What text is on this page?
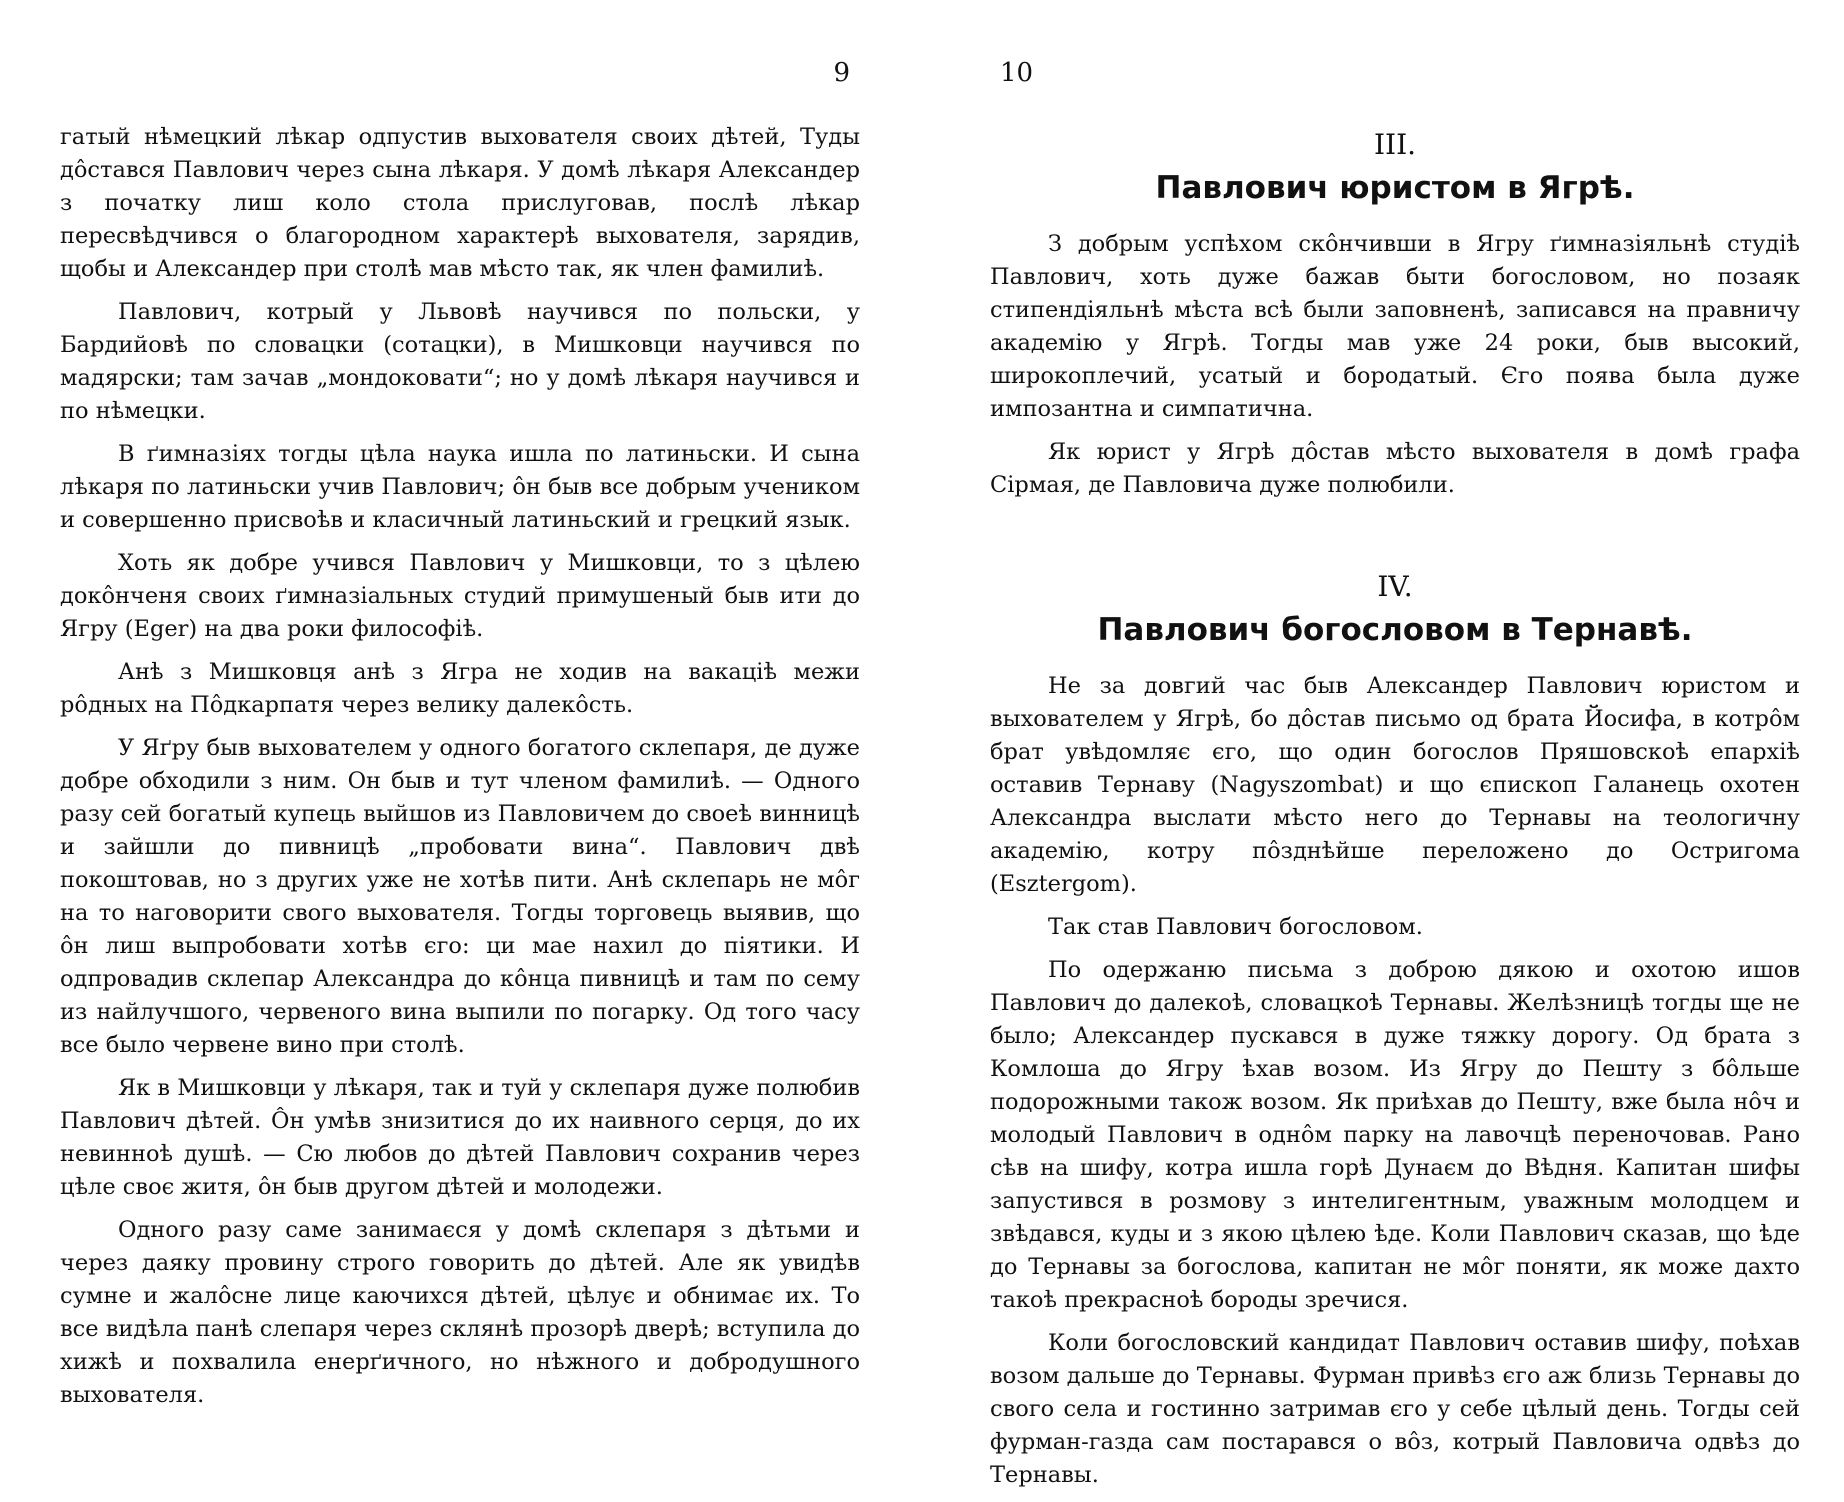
9

гатый нѣмецкий лѣкар одпустив выхователя своих дѣтей, Туды дôстався Павлович через сына лѣкаря. У домѣ лѣкаря Александер з початку лиш коло стола прислуговав, послѣ лѣкар пересвѣдчився о благородном характерѣ выхователя, зарядив, щобы и Александер при столѣ мав мѣсто так, як член фамилиѣ.

Павлович, котрый у Львовѣ научився по польски, у Бардийовѣ по словацки (сотацки), в Мишковци научився по мадярски; там зачав „мондоковати“; но у домѣ лѣкаря научився и по нѣмецки.

В ґимназiях тогды цѣла наука ишла по латиньски. И сына лѣкаря по латиньски учив Павлович; ôн быв все добрым учеником и совершенно присвоѣв и класичный латиньский и грецкий язык.

Хоть як добре учився Павлович у Мишковци, то з цѣлею докôнченя своих ґимназiальных студий примушеный быв ити до Ягру (Eger) на два роки философiѣ.

Анѣ з Мишковця анѣ з Ягра не ходив на вакацiѣ межи рôдных на Пôдкарпатя через велику далекôсть.

У Яґру быв выхователем у одного богатого склепаря, де дуже добре обходили з ним. Он быв и тут членом фамилиѣ. — Одного разу сей богатый купець выйшов из Павловичем до своеѣ винницѣ и зайшли до пивницѣ „пробовати вина“. Павлович двѣ покоштовав, но з других уже не хотѣв пити. Анѣ склепарь не мôг на то наговорити свого выхователя. Тогды торговець выявив, що ôн лиш выпробовати хотѣв єго: ци мае нахил до пiятики. И одпровадив склепар Александра до кôнца пивницѣ и там по сему из найлучшого, червеного вина выпили по погарку. Од того часу все было червене вино при столѣ.

Як в Мишковци у лѣкаря, так и туй у склепаря дуже полюбив Павлович дѣтей. Ôн умѣв знизитися до их наивного серця, до их невинноѣ душѣ. — Сю любов до дѣтей Павлович сохранив через цѣле своє житя, ôн быв другом дѣтей и молодежи.

Одного разу саме занимаєся у домѣ склепаря з дѣтьми и через даяку провину строго говорить до дѣтей. Але як увидѣв сумне и жалôсне лице каючихся дѣтей, цѣлує и обнимає их. То все видѣла панѣ слепаря через склянѣ прозорѣ дверѣ; вступила до хижѣ и похвалила енерґичного, но нѣжного и добродушного выхователя.

10
III.
Павлович юристом в Ягрѣ.

З добрым успѣхом скôнчивши в Ягру ґимназiяльнѣ студiѣ Павлович, хоть дуже бажав быти богословом, но позаяк стипендiяльнѣ мѣста всѣ были заповненѣ, записався на правничу академiю у Ягрѣ. Тогды мав уже 24 роки, быв высокий, широкоплечий, усатый и бородатый. Єго поява была дуже импозантна и симпатична.

Як юрист у Ягрѣ дôстав мѣсто выхователя в домѣ графа Сiрмая, де Павловича дуже полюбили.

IV.
Павлович богословом в Тернавѣ.

Не за довгий час быв Александер Павлович юристом и выхователем у Ягрѣ, бо дôстав письмо од брата Йосифа, в котрôм брат увѣдомляє єго, що один богослов Пряшовскоѣ епархiѣ оставив Тернаву (Nagyszombat) и що єпископ Галанець охотен Александра выслати мѣсто него до Тернавы на теологичну академiю, котру пôзднѣйше переложено до Остригома (Esztergom).

Так став Павлович богословом.

По одержаню письма з доброю дякою и охотою ишов Павлович до далекоѣ, словацкоѣ Тернавы. Желѣзницѣ тогды ще не было; Александер пускався в дуже тяжку дорогу. Од брата з Комлоша до Ягру ѣхав возом. Из Ягру до Пешту з бôльше подорожными також возом. Як приѣхав до Пешту, вже была нôч и молодый Павлович в однôм парку на лавочцѣ переночовав. Рано сѣв на шифу, котра ишла горѣ Дунаєм до Вѣдня. Капитан шифы запустився в розмову з интелигентным, уважным молодцем и звѣдався, куды и з якою цѣлею ѣде. Коли Павлович сказав, що ѣде до Тернавы за богослова, капитан не мôг поняти, як може дахто такоѣ прекрасноѣ бороды зречися.

Коли богословский кандидат Павлович оставив шифу, поѣхав возом дальше до Тернавы. Фурман привѣз єго аж близь Тернавы до свого села и гостинно затримав єго у себе цѣлый день. Тогды сей фурман-газда сам постарався о вôз, котрый Павловича одвѣз до Тернавы.
